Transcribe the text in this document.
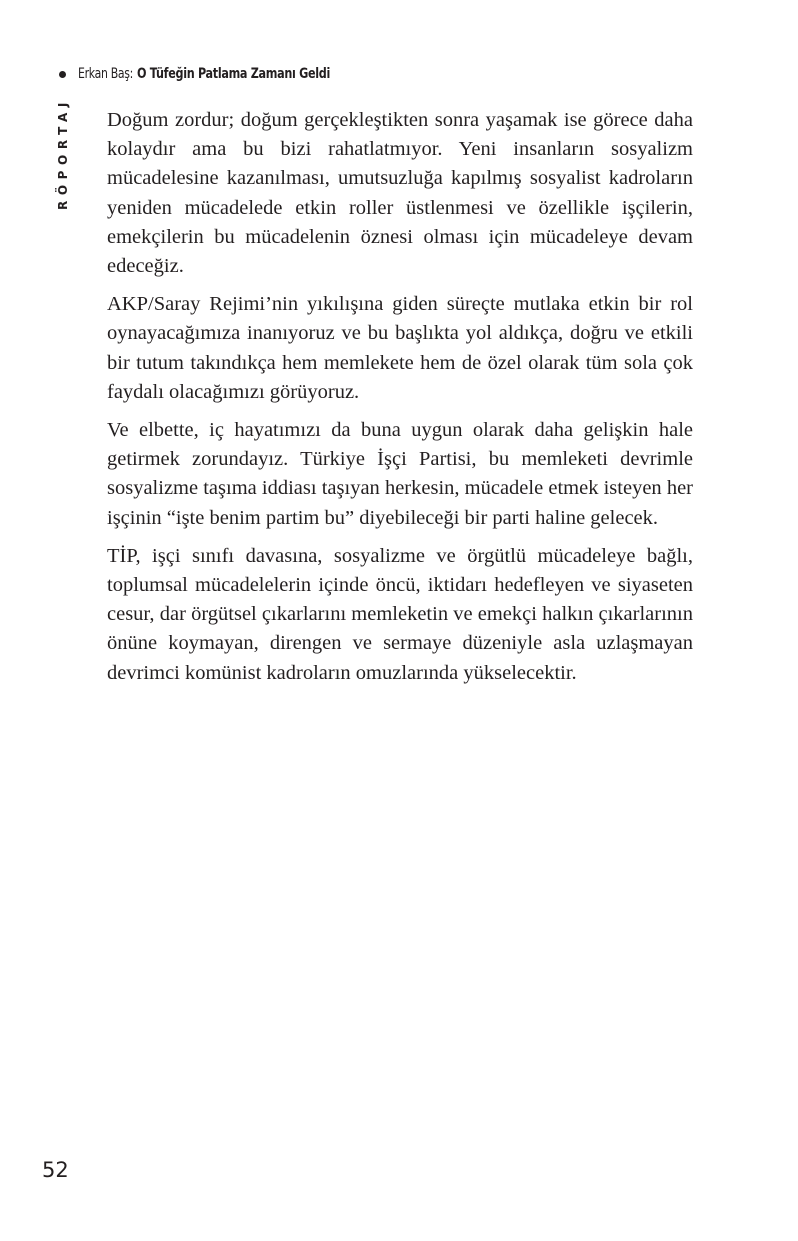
Erkan Baş: O Tüfeğin Patlama Zamanı Geldi
RÖPORTAJ Doğum zordur; doğum gerçekleştikten sonra yaşamak ise görece daha kolaydır ama bu bizi rahatlatmıyor. Yeni insanların sosyalizm mücadelesine kazanılması, umutsuzluğa kapılmış sosyalist kadroların yeniden mücadelede etkin roller üstlenmesi ve özellikle işçilerin, emekçilerin bu mücadelenin öznesi olması için mücadeleye devam edeceğiz.

AKP/Saray Rejimi’nin yıkılışına giden süreçte mutlaka etkin bir rol oynayacağımıza inanıyoruz ve bu başlıkta yol aldıkça, doğru ve etkili bir tutum takındıkça hem memlekete hem de özel olarak tüm sola çok faydalı olacağımızı görüyoruz.

Ve elbette, iç hayatımızı da buna uygun olarak daha gelişkin hale getirmek zorundayız. Türkiye İşçi Partisi, bu memleketi devrimle sosyalizme taşıma iddiası taşıyan herkesin, mücadele etmek isteyen her işçinin “işte benim partim bu” diyebileceği bir parti haline gelecek.

TİP, işçi sınıfı davasına, sosyalizme ve örgütlü mücadeleye bağlı, toplumsal mücadelelerin içinde öncü, iktidarı hedefleyen ve siyaseten cesur, dar örgütsel çıkarlarını memleketin ve emekçi halkın çıkarlarının önüne koymayan, direngen ve sermaye düzeniyle asla uzlaşmayan devrimci komünist kadroların omuzlarında yükselecektir.

52
